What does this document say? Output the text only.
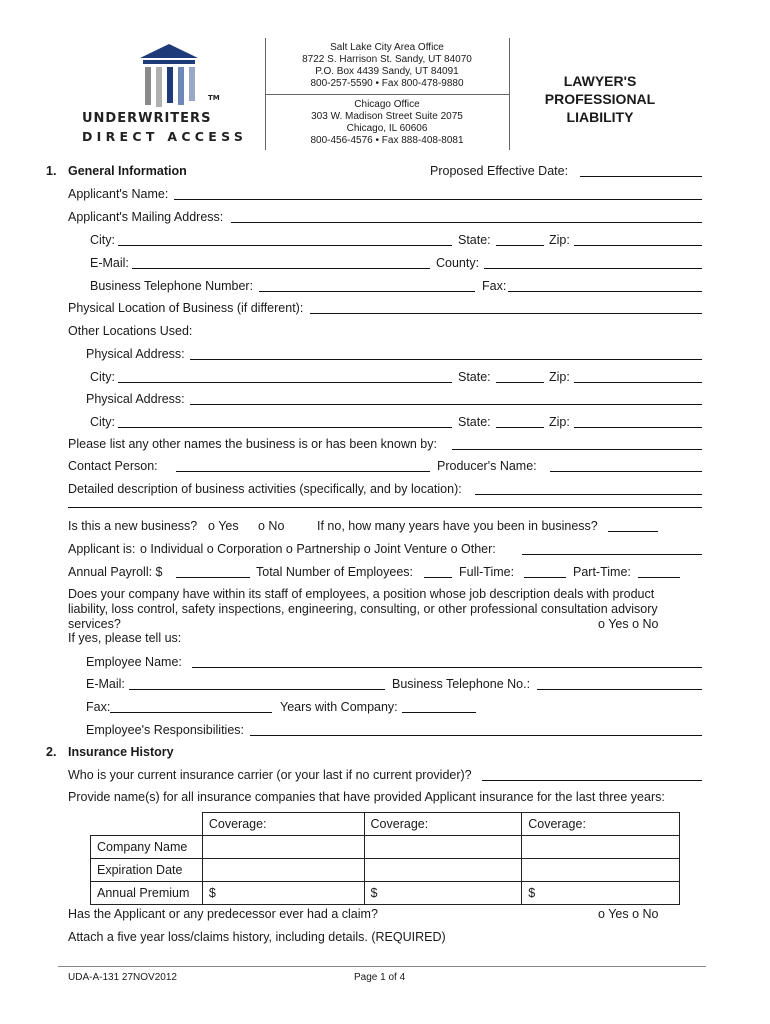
TM
UNDERWRITERS
DIRECT ACCESS
Salt Lake City Area Office
8722 S. Harrison St. Sandy, UT 84070
P.O. Box 4439 Sandy, UT 84091
800-257-5590 • Fax 800-478-9880
Chicago Office
303 W. Madison Street Suite 2075
Chicago, IL 60606
800-456-4576 • Fax 888-408-8081
LAWYER'S
PROFESSIONAL
LIABILITY
1. General Information	Proposed Effective Date:
Applicant's Name:
Applicant's Mailing Address:
City:	State:	Zip:
E-Mail:	County:
Business Telephone Number:	Fax:
Physical Location of Business (if different):
Other Locations Used:
Physical Address:
City:	State:	Zip:
Physical Address:
City:	State:	Zip:
Please list any other names the business is or has been known by:
Contact Person:	Producer's Name:
Detailed description of business activities (specifically, and by location):
Is this a new business? o Yes o No	If no, how many years have you been in business?
Applicant is: o Individual o Corporation o Partnership o Joint Venture o Other:
Annual Payroll: $	Total Number of Employees:	Full-Time:	Part-Time:
Does your company have within its staff of employees, a position whose job description deals with product
liability, loss control, safety inspections, engineering, consulting, or other professional consultation advisory
services?	o Yes o No
If yes, please tell us:
Employee Name:
E-Mail:	Business Telephone No.:
Fax:	Years with Company:
Employee's Responsibilities:
2. Insurance History
Who is your current insurance carrier (or your last if no current provider)?
Provide name(s) for all insurance companies that have provided Applicant insurance for the last three years:
	Coverage:	Coverage:	Coverage:
Company Name			
Expiration Date			
Annual Premium	$	$	$
Has the Applicant or any predecessor ever had a claim?	o Yes o No
Attach a five year loss/claims history, including details. (REQUIRED)
UDA-A-131 27NOV2012	Page 1 of 4
